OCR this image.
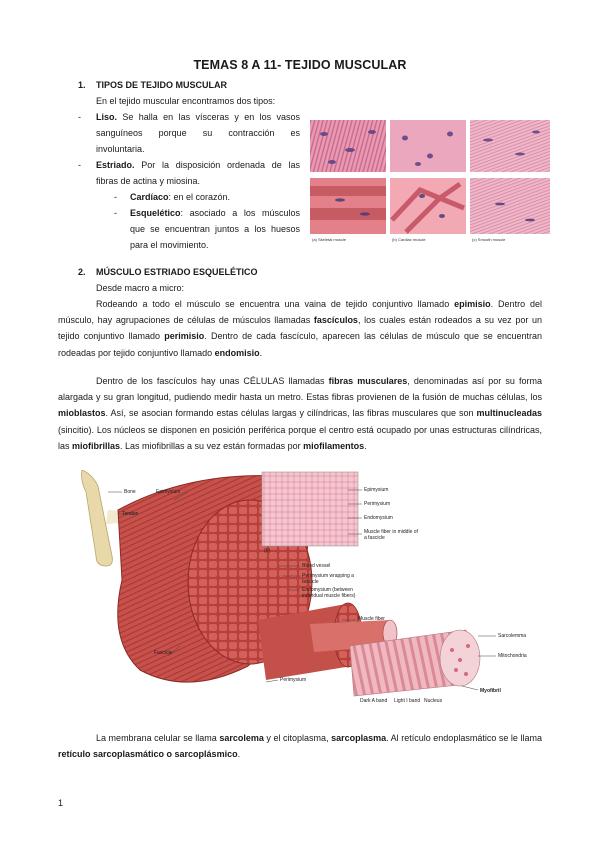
TEMAS 8 A 11- TEJIDO MUSCULAR
1. TIPOS DE TEJIDO MUSCULAR
En el tejido muscular encontramos dos tipos:
- Liso. Se halla en las vísceras y en los vasos
sanguíneos porque su contracción es
involuntaria.
- Estriado. Por la disposición ordenada de las
fibras de actina y miosina.
- Cardíaco: en el corazón.
- Esquelético: asociado a los músculos
que se encuentran juntos a los huesos
para el movimiento.
(a) Skeletal muscle	(b) Cardiac muscle	(c) Smooth muscle
2. MÚSCULO ESTRIADO ESQUELÉTICO
Desde macro a micro:
Rodeando a todo el músculo se encuentra una vaina de tejido conjuntivo llamado epimisio. Dentro del músculo, hay agrupaciones de células de músculos llamadas fascículos, los cuales están rodeados a su vez por un tejido conjuntivo llamado perimisio. Dentro de cada fascículo, aparecen las células de músculo que se encuentran rodeadas por tejido conjuntivo llamado endomisio.
Dentro de los fascículos hay unas CÉLULAS llamadas fibras musculares, denominadas así por su forma alargada y su gran longitud, pudiendo medir hasta un metro. Estas fibras provienen de la fusión de muchas células, los mioblastos. Así, se asocian formando estas células largas y cilíndricas, las fibras musculares que son multinucleadas (sincitio). Los núcleos se disponen en posición periférica porque el centro está ocupado por unas estructuras cilíndricas, las miofibrillas. Las miofibrillas a su vez están formadas por miofilamentos.
Bone
Tendon
Epimysium	Epimysium
Perimysium
Endomysium
Muscle fiber in middle of a fascicle
(b)
Blood vessel
Perimysium wrapping a fascicle
Endomysium (between individual muscle fibers)
Muscle fiber
Fascicle
Perimysium
Sarcolemma
Mitochondria
Myofibril
Dark A band Light I band Nucleus
La membrana celular se llama sarcolema y el citoplasma, sarcoplasma. Al retículo endoplasmático se le llama retículo sarcoplasmático o sarcoplásmico.
1
